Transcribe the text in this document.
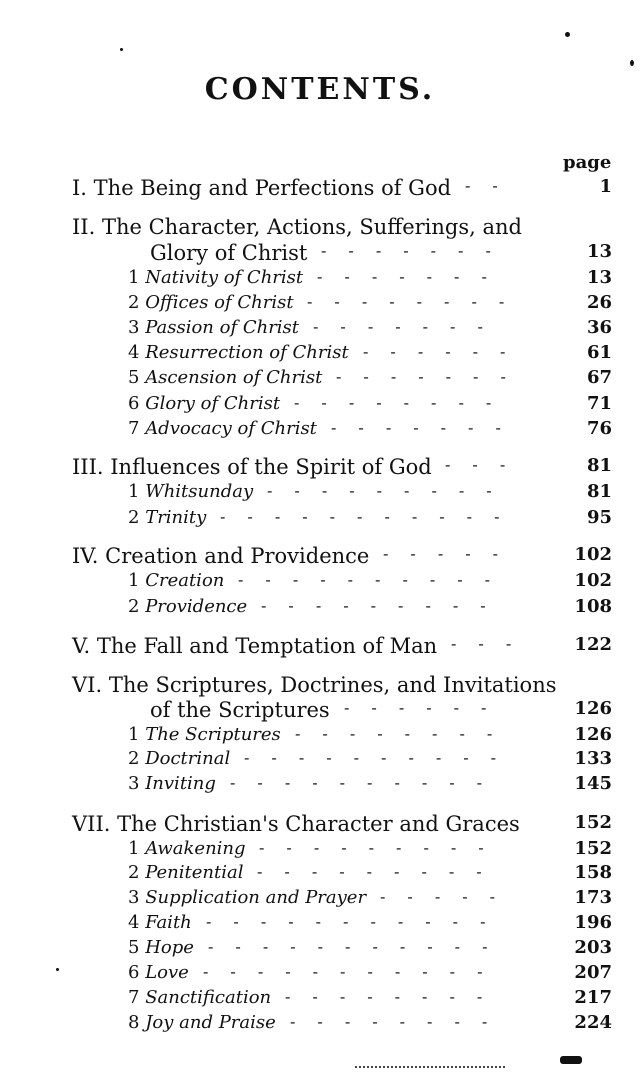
CONTENTS.
page
I. The Being and Perfections of God	1
--
II. The Character, Actions, Sufferings, and
Glory of Christ	13
-------
1 Nativity of Christ	13
-------
2 Offices of Christ	26
--------
3 Passion of Christ	36
-------
4 Resurrection of Christ	61
------
5 Ascension of Christ	67
-------
6 Glory of Christ	71
--------
7 Advocacy of Christ	76
-------
III. Influences of the Spirit of God	81
---
1 Whitsunday	81
---------
2 Trinity	95
-----------
IV. Creation and Providence	102
-----
1 Creation	102
----------
2 Providence	108
---------
V. The Fall and Temptation of Man	122
---
VI. The Scriptures, Doctrines, and Invitations
of the Scriptures	126
------
1 The Scriptures	126
--------
2 Doctrinal	133
----------
3 Inviting	145
----------
VII. The Christian's Character and Graces	152
1 Awakening	152
---------
2 Penitential	158
---------
3 Supplication and Prayer	173
-----
4 Faith	196
-----------
5 Hope	203
-----------
6 Love	207
-----------
7 Sanctification	217
--------
8 Joy and Praise	224
--------
